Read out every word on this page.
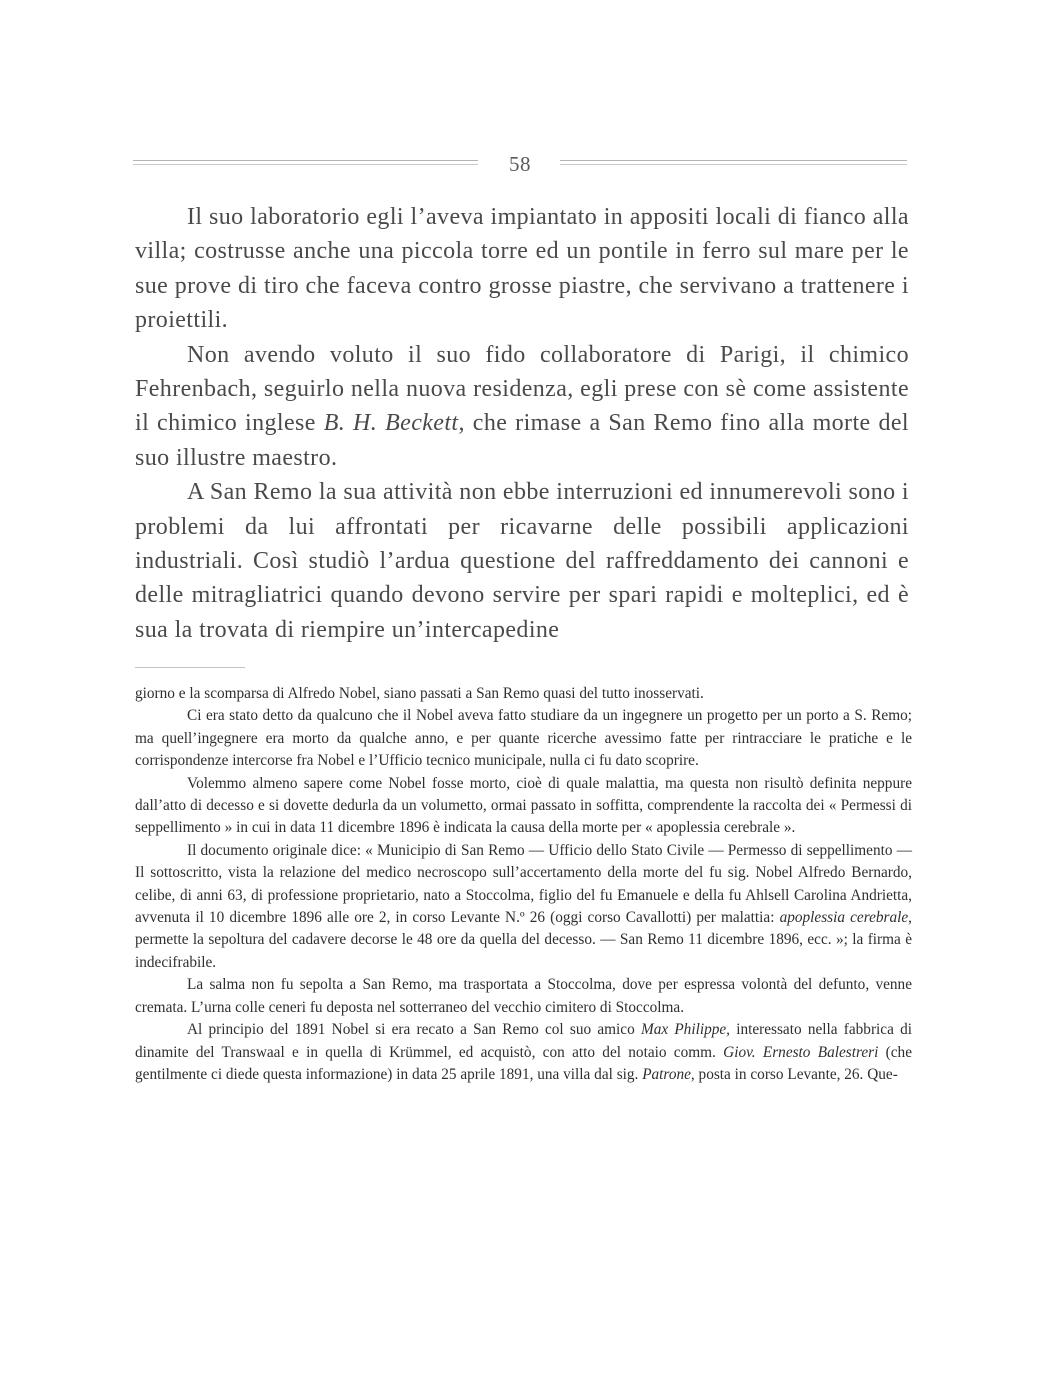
58

Il suo laboratorio egli l’aveva impiantato in appositi locali di fianco alla villa; costrusse anche una piccola torre ed un pontile in ferro sul mare per le sue prove di tiro che faceva contro grosse piastre, che servivano a trattenere i proiettili.

Non avendo voluto il suo fido collaboratore di Parigi, il chimico Fehrenbach, seguirlo nella nuova residenza, egli prese con sè come assistente il chimico inglese B. H. Beckett, che rimase a San Remo fino alla morte del suo illustre maestro.

A San Remo la sua attività non ebbe interruzioni ed innumerevoli sono i problemi da lui affrontati per ricavarne delle possibili applicazioni industriali. Così studiò l’ardua questione del raffreddamento dei cannoni e delle mitragliatrici quando devono servire per spari rapidi e molteplici, ed è sua la trovata di riempire un’intercapedine

giorno e la scomparsa di Alfredo Nobel, siano passati a San Remo quasi del tutto inosservati.

Ci era stato detto da qualcuno che il Nobel aveva fatto studiare da un ingegnere un progetto per un porto a S. Remo; ma quell’ingegnere era morto da qualche anno, e per quante ricerche avessimo fatte per rintracciare le pratiche e le corrispondenze intercorse fra Nobel e l’Ufficio tecnico municipale, nulla ci fu dato scoprire.

Volemmo almeno sapere come Nobel fosse morto, cioè di quale malattia, ma questa non risultò definita neppure dall’atto di decesso e si dovette dedurla da un volumetto, ormai passato in soffitta, comprendente la raccolta dei « Permessi di seppellimento » in cui in data 11 dicembre 1896 è indicata la causa della morte per « apoplessia cerebrale ».

Il documento originale dice: « Municipio di San Remo — Ufficio dello Stato Civile — Permesso di seppellimento — Il sottoscritto, vista la relazione del medico necroscopo sull’accertamento della morte del fu sig. Nobel Alfredo Bernardo, celibe, di anni 63, di professione proprietario, nato a Stoccolma, figlio del fu Emanuele e della fu Ahlsell Carolina Andrietta, avvenuta il 10 dicembre 1896 alle ore 2, in corso Levante N.º 26 (oggi corso Cavallotti) per malattia: apoplessia cerebrale, permette la sepoltura del cadavere decorse le 48 ore da quella del decesso. — San Remo 11 dicembre 1896, ecc. »; la firma è indecifrabile.

La salma non fu sepolta a San Remo, ma trasportata a Stoccolma, dove per espressa volontà del defunto, venne cremata. L’urna colle ceneri fu deposta nel sotterraneo del vecchio cimitero di Stoccolma.

Al principio del 1891 Nobel si era recato a San Remo col suo amico Max Philippe, interessato nella fabbrica di dinamite del Transwaal e in quella di Krümmel, ed acquistò, con atto del notaio comm. Giov. Ernesto Balestreri (che gentilmente ci diede questa informazione) in data 25 aprile 1891, una villa dal sig. Patrone, posta in corso Levante, 26. Que-
